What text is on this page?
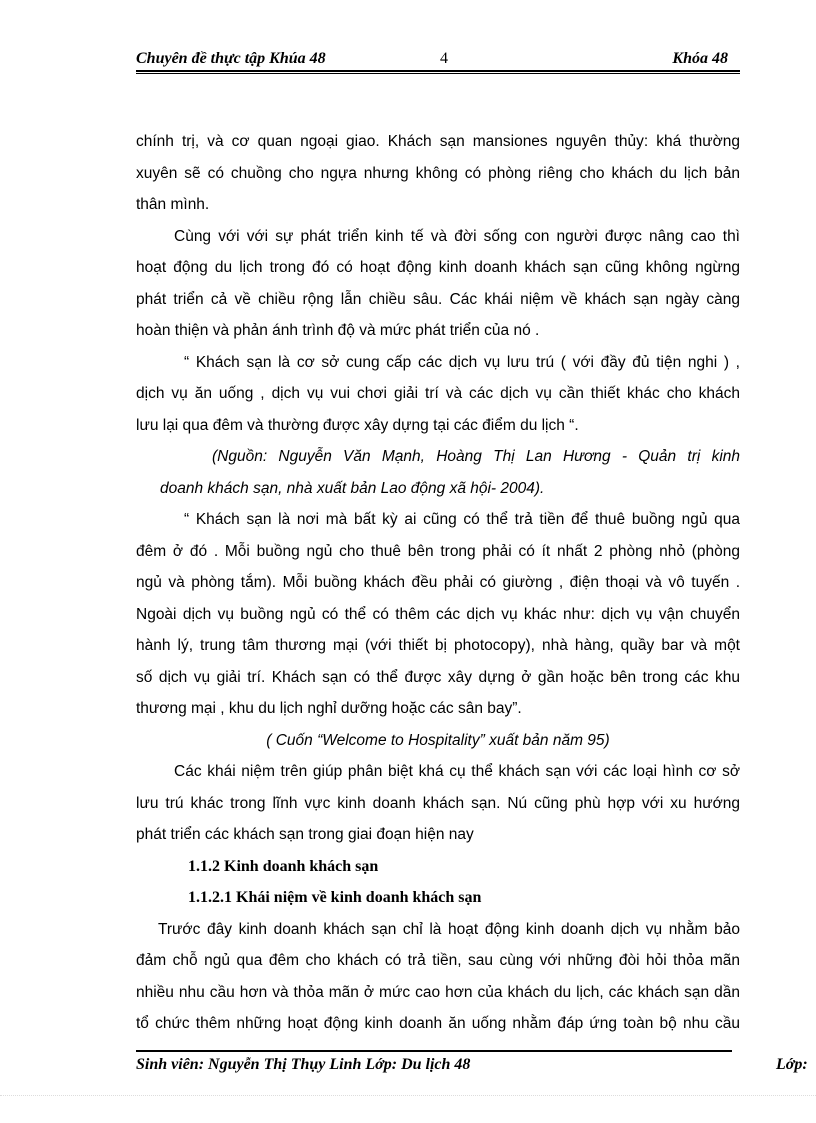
Chuyên đề thực tập Khúa 48	4	Khóa 48
chính trị, và cơ quan ngoại giao. Khách sạn mansiones nguyên thủy: khá thường
xuyên sẽ có chuồng cho ngựa nhưng không có phòng riêng cho khách du lịch bản
thân mình.
Cùng với với sự phát triển kinh tế và đời sống con người được nâng cao thì
hoạt động du lịch trong đó có hoạt động kinh doanh khách sạn cũng không ngừng
phát triển cả về chiều rộng lẫn chiều sâu. Các khái niệm về khách sạn ngày càng
hoàn thiện và phản ánh trình độ và mức phát triển của nó .
“ Khách sạn là cơ sở cung cấp các dịch vụ lưu trú ( với đầy đủ tiện nghi ) ,
dịch vụ ăn uống , dịch vụ vui chơi giải trí và các dịch vụ cần thiết khác cho khách
lưu lại qua đêm và thường được xây dựng tại các điểm du lịch “.
(Nguồn: Nguyễn Văn Mạnh, Hoàng Thị Lan Hương - Quản trị kinh
doanh khách sạn, nhà xuất bản Lao động xã hội- 2004).
“ Khách sạn là nơi mà bất kỳ ai cũng có thể trả tiền để thuê buồng ngủ qua
đêm ở đó . Mỗi buồng ngủ cho thuê bên trong phải có ít nhất 2 phòng nhỏ (phòng
ngủ và phòng tắm). Mỗi buồng khách đều phải có giường , điện thoại và vô tuyến .
Ngoài dịch vụ buồng ngủ có thể có thêm các dịch vụ khác như: dịch vụ vận chuyển
hành lý, trung tâm thương mại (với thiết bị photocopy), nhà hàng, quầy bar và một
số dịch vụ giải trí. Khách sạn có thể được xây dựng ở gần hoặc bên trong các khu
thương mại , khu du lịch nghỉ dưỡng hoặc các sân bay”.
( Cuốn “Welcome to Hospitality” xuất bản năm 95)
Các khái niệm trên giúp phân biệt khá cụ thể khách sạn với các loại hình cơ sở
lưu trú khác trong lĩnh vực kinh doanh khách sạn. Nú cũng phù hợp với xu hướng
phát triển các khách sạn trong giai đoạn hiện nay
1.1.2 Kinh doanh khách sạn
1.1.2.1 Khái niệm về kinh doanh khách sạn
Trước đây kinh doanh khách sạn chỉ là hoạt động kinh doanh dịch vụ nhằm bảo
đảm chỗ ngủ qua đêm cho khách có trả tiền, sau cùng với những đòi hỏi thỏa mãn
nhiều nhu cầu hơn và thỏa mãn ở mức cao hơn của khách du lịch, các khách sạn dần
tổ chức thêm những hoạt động kinh doanh ăn uống nhằm đáp ứng toàn bộ nhu cầu
Sinh viên: Nguyễn Thị Thụy Linh Lớp: Du lịch 48	Lớp:
